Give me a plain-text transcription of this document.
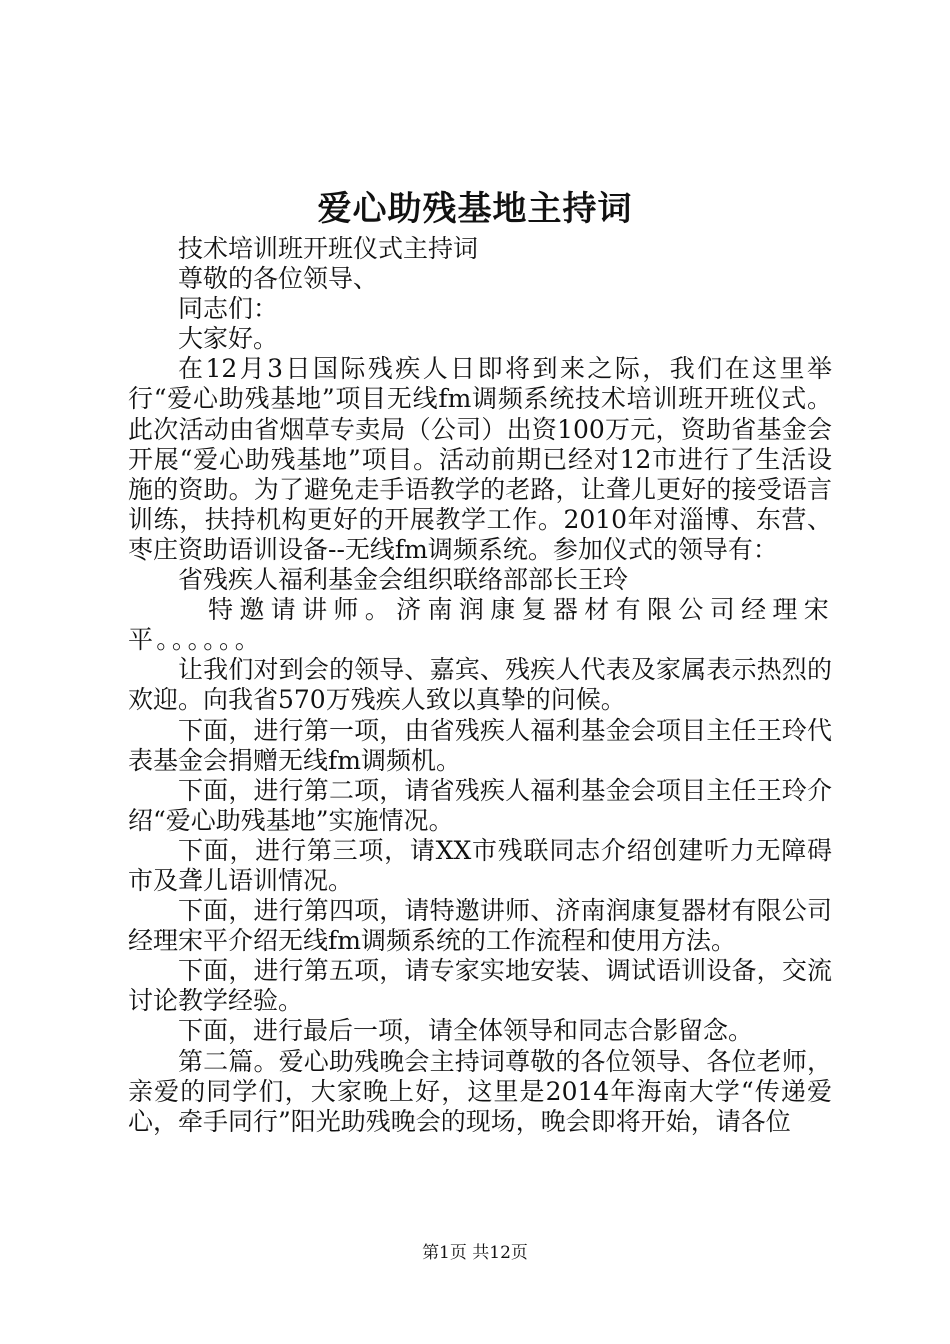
爱心助残基地主持词

技术培训班开班仪式主持词

尊敬的各位领导、

同志们：

大家好。

在12月3日国际残疾人日即将到来之际，我们在这里举行“爱心助残基地”项目无线fm调频系统技术培训班开班仪式。此次活动由省烟草专卖局（公司）出资100万元，资助省基金会开展“爱心助残基地”项目。活动前期已经对12市进行了生活设施的资助。为了避免走手语教学的老路，让聋儿更好的接受语言训练，扶持机构更好的开展教学工作。2010年对淄博、东营、枣庄资助语训设备--无线fm调频系统。参加仪式的领导有：

省残疾人福利基金会组织联络部部长王玲

特邀请讲师。济南润康复器材有限公司经理宋平。。。。。。

让我们对到会的领导、嘉宾、残疾人代表及家属表示热烈的欢迎。向我省570万残疾人致以真挚的问候。

下面，进行第一项，由省残疾人福利基金会项目主任王玲代表基金会捐赠无线fm调频机。

下面，进行第二项，请省残疾人福利基金会项目主任王玲介绍“爱心助残基地”实施情况。

下面，进行第三项，请XX市残联同志介绍创建听力无障碍市及聋儿语训情况。

下面，进行第四项，请特邀讲师、济南润康复器材有限公司经理宋平介绍无线fm调频系统的工作流程和使用方法。

下面，进行第五项，请专家实地安装、调试语训设备，交流讨论教学经验。

下面，进行最后一项，请全体领导和同志合影留念。

第二篇。爱心助残晚会主持词尊敬的各位领导、各位老师，亲爱的同学们，大家晚上好，这里是2014年海南大学“传递爱心，牵手同行”阳光助残晚会的现场，晚会即将开始，请各位

第1页 共12页
